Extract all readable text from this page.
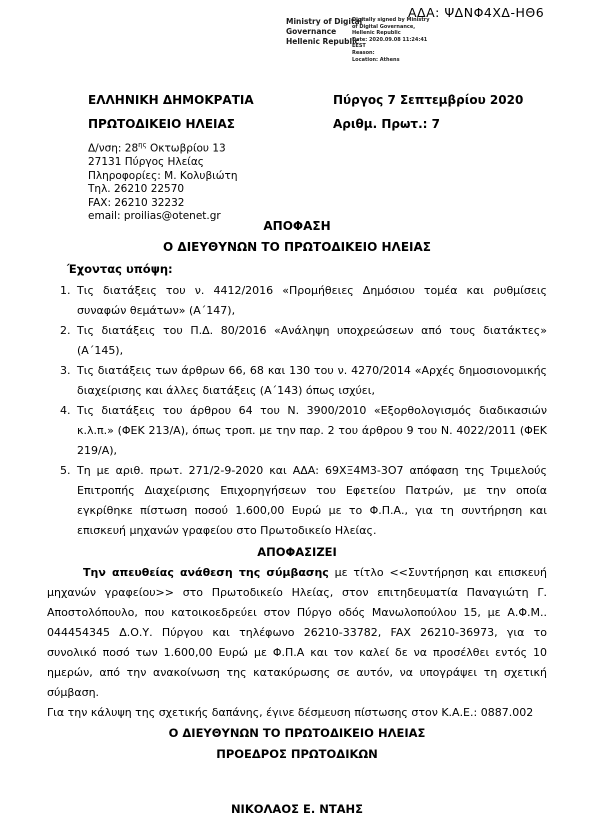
ΑΔΑ: ΨΔΝΦ4ΧΔ-ΗΘ6
Ministry of Digital
Governance
Hellenic Republic
Digitally signed by Ministry
of Digital Governance,
Hellenic Republic
Date: 2020.09.08 11:24:41
EEST
Reason:
Location: Athens
ΕΛΛΗΝΙΚΗ ΔΗΜΟΚΡΑΤΙΑ
ΠΡΩΤΟΔΙΚΕΙΟ ΗΛΕΙΑΣ
Πύργος 7 Σεπτεμβρίου 2020
Αριθμ. Πρωτ.: 7
Δ/νση: $28^{\eta\varsigma}$ Οκτωβρίου 13
27131 Πύργος Ηλείας
Πληροφορίες: Μ. Κολυβιώτη
Τηλ. 26210 22570
FAX: 26210 32232
email: proilias@otenet.gr

ΑΠΟΦΑΣΗ

Ο ΔΙΕΥΘΥΝΩΝ ΤΟ ΠΡΩΤΟΔΙΚΕΙΟ ΗΛΕΙΑΣ

Έχοντας υπόψη:

1. Τις διατάξεις του ν. 4412/2016 «Προμήθειες Δημόσιου τομέα και ρυθμίσεις συναφών θεμάτων» (Α΄147),
2. Τις διατάξεις του Π.Δ. 80/2016 «Ανάληψη υποχρεώσεων από τους διατάκτες» (Α΄145),
3. Τις διατάξεις των άρθρων 66, 68 και 130 του ν. 4270/2014 «Αρχές δημοσιονομικής διαχείρισης και άλλες διατάξεις (Α΄143) όπως ισχύει,
4. Τις διατάξεις του άρθρου 64 του Ν. 3900/2010 «Εξορθολογισμός διαδικασιών κ.λ.π.» (ΦΕΚ 213/Α), όπως τροπ. με την παρ. 2 του άρθρου 9 του Ν. 4022/2011 (ΦΕΚ 219/Α),
5. Τη με αριθ. πρωτ. 271/2-9-2020 και ΑΔΑ: 69ΧΞ4Μ3-3Ο7 απόφαση της Τριμελούς Επιτροπής Διαχείρισης Επιχορηγήσεων του Εφετείου Πατρών, με την οποία εγκρίθηκε πίστωση ποσού 1.600,00 Ευρώ με το Φ.Π.Α., για τη συντήρηση και επισκευή μηχανών γραφείου στο Πρωτοδικείο Ηλείας.

ΑΠΟΦΑΣΙΖΕΙ

Την απευθείας ανάθεση της σύμβασης με τίτλο <<Συντήρηση και επισκευή μηχανών γραφείου>> στο Πρωτοδικείο Ηλείας, στον επιτηδευματία Παναγιώτη Γ. Αποστολόπουλο, που κατοικοεδρεύει στον Πύργο οδός Μανωλοπούλου 15, με Α.Φ.Μ.. 044454345 Δ.Ο.Υ. Πύργου και τηλέφωνο 26210-33782, FAX 26210-36973, για το συνολικό ποσό των 1.600,00 Ευρώ με Φ.Π.Α και τον καλεί δε να προσέλθει εντός 10 ημερών, από την ανακοίνωση της κατακύρωσης σε αυτόν, να υπογράψει τη σχετική σύμβαση.

Για την κάλυψη της σχετικής δαπάνης, έγινε δέσμευση πίστωσης στον Κ.Α.Ε.: 0887.002

Ο ΔΙΕΥΘΥΝΩΝ ΤΟ ΠΡΩΤΟΔΙΚΕΙΟ ΗΛΕΙΑΣ
ΠΡΟΕΔΡΟΣ ΠΡΩΤΟΔΙΚΩΝ
ΝΙΚΟΛΑΟΣ Ε. ΝΤΑΗΣ
